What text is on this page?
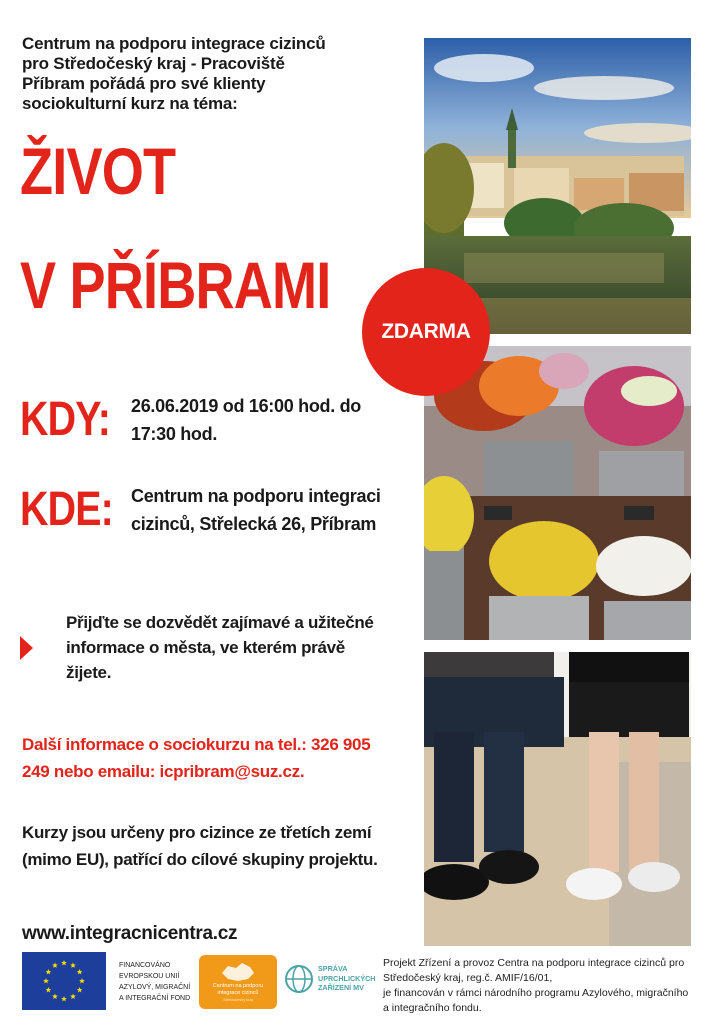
Centrum na podporu integrace cizinců
pro Středočeský kraj - Pracoviště
Příbram pořádá pro své klienty
sociokulturní kurz na téma:
ŽIVOT
V PŘÍBRAMI
ZDARMA
KDY: 26.06.2019 od 16:00 hod. do
17:30 hod.
KDE: Centrum na podporu integraci
cizinců, Střelecká 26, Příbram
Přijďte se dozvědět zajímavé a užitečné
informace o města, ve kterém právě
žijete.
Další informace o sociokurzu na tel.: 326 905
249 nebo emailu: icpribram@suz.cz.
Kurzy jsou určeny pro cizince ze třetích zemí
(mimo EU), patřící do cílové skupiny projektu.
www.integracnicentra.cz
FINANCOVÁNO
EVROPSKOU UNIÍ
AZYLOVÝ, MIGRAČNÍ
A INTEGRAČNÍ FOND
Centrum na podporu integrace cizinců
Středočeský kraj
SPRÁVA
UPRCHLICKÝCH
ZAŘÍZENÍ MV
Projekt Zřízení a provoz Centra na podporu integrace cizinců pro
Středočeský kraj, reg.č. AMIF/16/01,
je financován v rámci národního programu Azylového, migračního
a integračního fondu.
